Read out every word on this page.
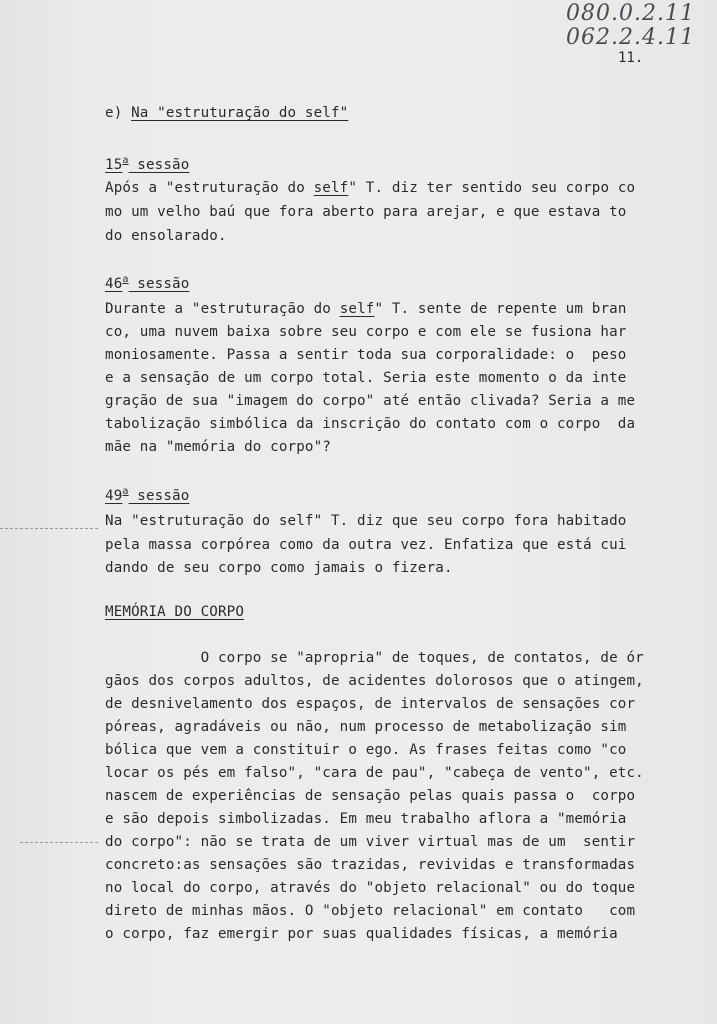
080.0.2.11
062.2.4.11
11.
e) Na "estruturação do self"
15$^a$ sessão
Após a "estruturação do self" T. diz ter sentido seu corpo co
mo um velho baú que fora aberto para arejar, e que estava to
do ensolarado.
46$^a$ sessão
Durante a "estruturação do self" T. sente de repente um bran
co, uma nuvem baixa sobre seu corpo e com ele se fusiona har
moniosamente. Passa a sentir toda sua corporalidade: o  peso
e a sensação de um corpo total. Seria este momento o da inte
gração de sua "imagem do corpo" até então clivada? Seria a me
tabolização simbólica da inscrição do contato com o corpo  da
mãe na "memória do corpo"?
49$^a$ sessão
Na "estruturação do self" T. diz que seu corpo fora habitado
pela massa corpórea como da outra vez. Enfatiza que está cui
dando de seu corpo como jamais o fizera.
MEMÓRIA DO CORPO
O corpo se "apropria" de toques, de contatos, de ór
gãos dos corpos adultos, de acidentes dolorosos que o atingem,
de desnivelamento dos espaços, de intervalos de sensações cor
póreas, agradáveis ou não, num processo de metabolização sim
bólica que vem a constituir o ego. As frases feitas como "co
locar os pés em falso", "cara de pau", "cabeça de vento", etc.
nascem de experiências de sensação pelas quais passa o  corpo
e são depois simbolizadas. Em meu trabalho aflora a "memória
do corpo": não se trata de um viver virtual mas de um  sentir
concreto:as sensações são trazidas, revividas e transformadas
no local do corpo, através do "objeto relacional" ou do toque
direto de minhas mãos. O "objeto relacional" em contato   com
o corpo, faz emergir por suas qualidades físicas, a memória
